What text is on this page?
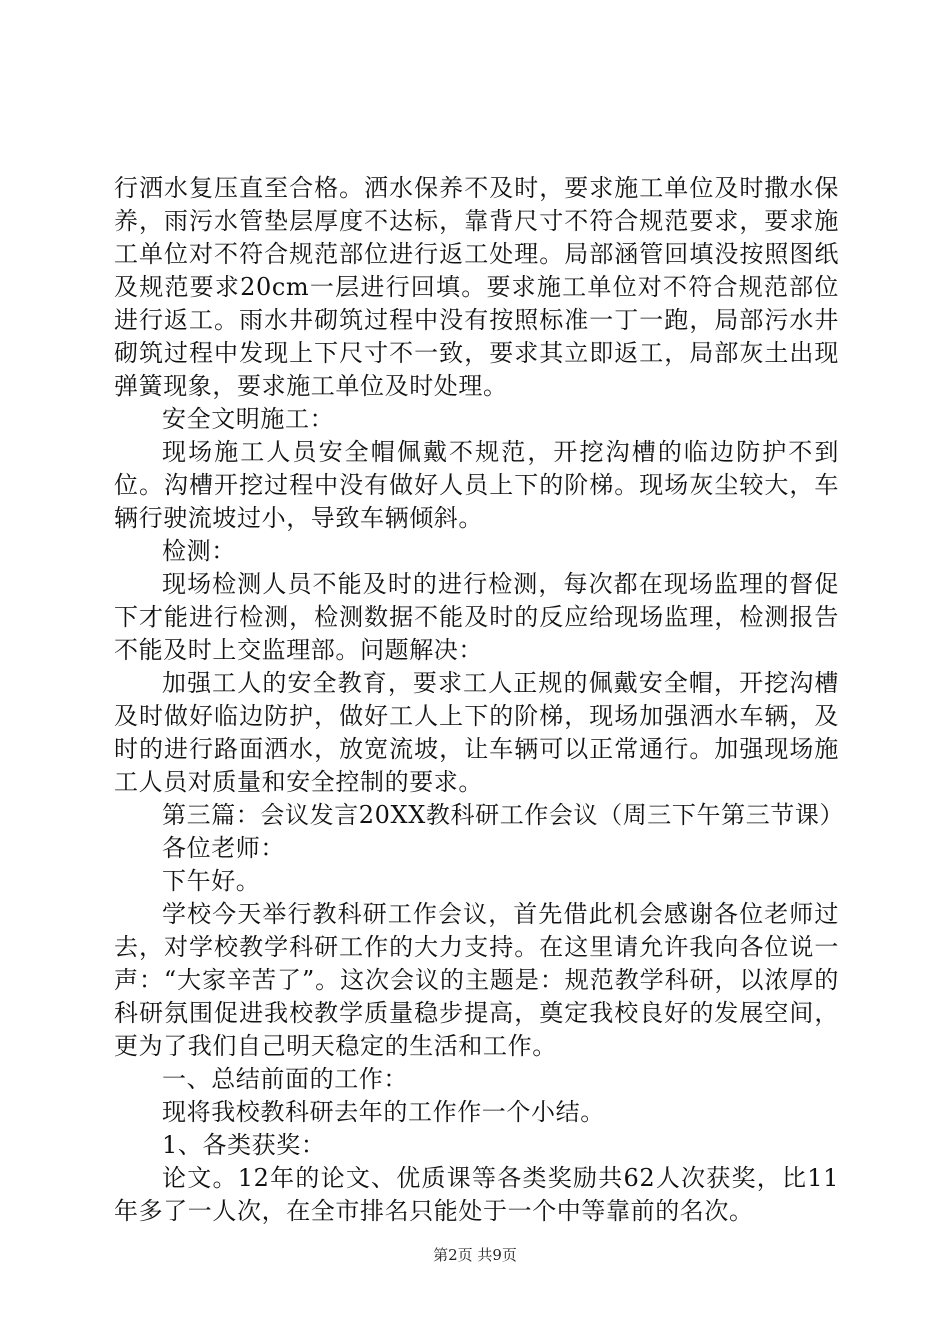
行洒水复压直至合格。洒水保养不及时，要求施工单位及时撒水保养，雨污水管垫层厚度不达标，靠背尺寸不符合规范要求，要求施工单位对不符合规范部位进行返工处理。局部涵管回填没按照图纸及规范要求20cm一层进行回填。要求施工单位对不符合规范部位进行返工。雨水井砌筑过程中没有按照标准一丁一跑，局部污水井砌筑过程中发现上下尺寸不一致，要求其立即返工，局部灰土出现弹簧现象，要求施工单位及时处理。

安全文明施工：

现场施工人员安全帽佩戴不规范，开挖沟槽的临边防护不到位。沟槽开挖过程中没有做好人员上下的阶梯。现场灰尘较大，车辆行驶流坡过小，导致车辆倾斜。

检测：

现场检测人员不能及时的进行检测，每次都在现场监理的督促下才能进行检测，检测数据不能及时的反应给现场监理，检测报告不能及时上交监理部。问题解决：

加强工人的安全教育，要求工人正规的佩戴安全帽，开挖沟槽及时做好临边防护，做好工人上下的阶梯，现场加强洒水车辆，及时的进行路面洒水，放宽流坡，让车辆可以正常通行。加强现场施工人员对质量和安全控制的要求。

第三篇：会议发言20XX教科研工作会议（周三下午第三节课）

各位老师：

下午好。

学校今天举行教科研工作会议，首先借此机会感谢各位老师过去，对学校教学科研工作的大力支持。在这里请允许我向各位说一声：“大家辛苦了”。这次会议的主题是：规范教学科研，以浓厚的科研氛围促进我校教学质量稳步提高，奠定我校良好的发展空间，更为了我们自己明天稳定的生活和工作。

一、总结前面的工作：

现将我校教科研去年的工作作一个小结。

1、各类获奖：

论文。12年的论文、优质课等各类奖励共62人次获奖，比11年多了一人次，在全市排名只能处于一个中等靠前的名次。

第2页 共9页
